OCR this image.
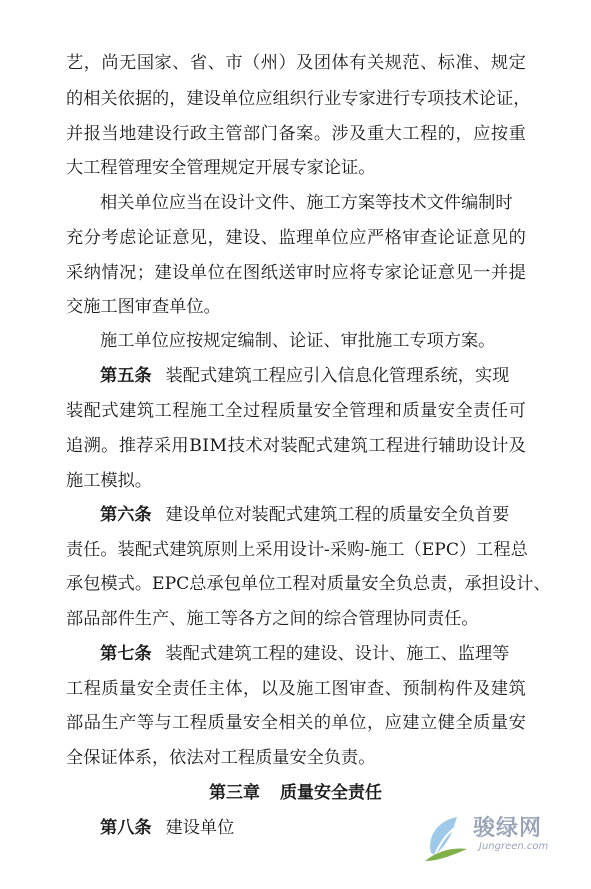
艺 ， 尚 无 国 家 、 省 、 市 （ 州 ） 及 团 体 有 关 规 范 、 标 准 、 规 定
的 相 关 依 据 的 ， 建 设 单 位 应 组 织 行 业 专 家 进 行 专 项 技 术 论 证 ，
并 报 当 地 建 设 行 政 主 管 部 门 备 案 。 涉 及 重 大 工 程 的 ， 应 按 重
大工程管理安全管理规定开展专家论证。
相关单位应当在设计文件、施工方案等技术文件编制时
充 分 考 虑 论 证 意 见 ， 建 设 、 监 理 单 位 应 严 格 审 查 论 证 意 见 的
采 纳 情 况 ； 建 设 单 位 在 图 纸 送 审 时 应 将 专 家 论 证 意 见 一 并 提
交施工图审查单位。
施工单位应按规定编制、论证、审批施工专项方案。
第五条 装配式建筑工程应引入信息化管理系统，实现
装 配 式 建 筑 工 程 施 工 全 过 程 质 量 安 全 管 理 和 质 量 安 全 责 任 可
追 溯 。 推 荐 采 用 B I M 技 术 对 装 配 式 建 筑 工 程 进 行 辅 助 设 计 及
施工模拟。
第六条 建设单位对装配式建筑工程的质量安全负首要
责 任 。 装 配 式 建 筑 原 则 上 采 用 设 计 - 采 购 - 施 工 （ E P C ） 工 程 总
承 包 模 式 。 E P C 总 承 包 单 位 工 程 对 质 量 安 全 负 总 责 ， 承 担 设 计 、
部品部件生产、施工等各方之间的综合管理协同责任。
第七条 装配式建筑工程的建设、设计、施工、监理等
工 程 质 量 安 全 责 任 主 体 ， 以 及 施 工 图 审 查 、 预 制 构 件 及 建 筑
部 品 生 产 等 与 工 程 质 量 安 全 相 关 的 单 位 ， 应 建 立 健 全 质 量 安
全保证体系，依法对工程质量安全负责。
第三章 质量安全责任
第八条 建设单位	骏绿网
Jungreen.com
